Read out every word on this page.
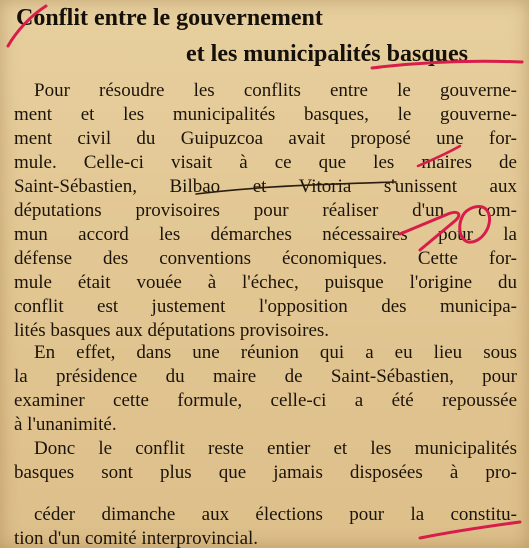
Conflit entre le gouvernement
et les municipalités basques

Pour résoudre les conflits entre le gouverne-

ment et les municipalités basques, le gouverne-

ment civil du Guipuzcoa avait proposé une for-

mule. Celle-ci visait à ce que les maires de

Saint-Sébastien, Bilbao et Vitoria s'unissent aux

députations provisoires pour réaliser d'un com-

mun accord les démarches nécessaires pour la

défense des conventions économiques. Cette for-

mule était vouée à l'échec, puisque l'origine du

conflit est justement l'opposition des municipa-

lités basques aux députations provisoires.

En effet, dans une réunion qui a eu lieu sous

la présidence du maire de Saint-Sébastien, pour

examiner cette formule, celle-ci a été repoussée

à l'unanimité.

Donc le conflit reste entier et les municipalités

basques sont plus que jamais disposées à pro-

céder dimanche aux élections pour la constitu-

tion d'un comité interprovincial.
